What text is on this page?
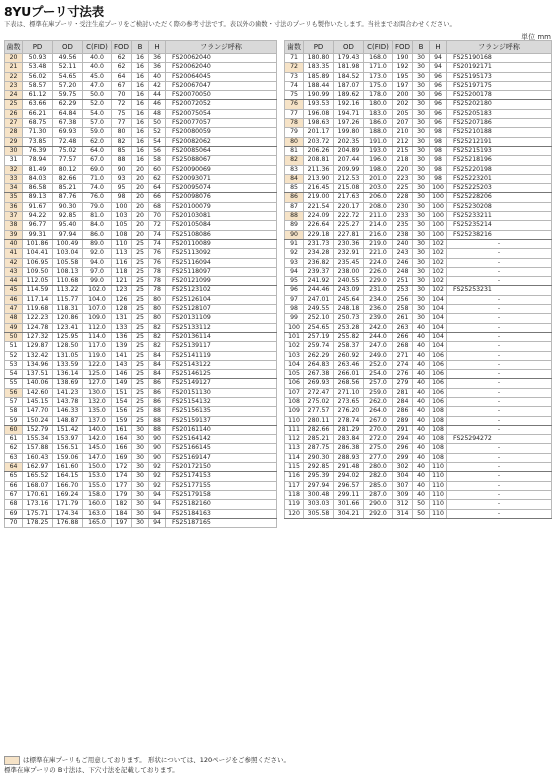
8YUプーリ寸法表
下表は、標準在庫プーリ・受注生産プーリをご検討いただく際の参考寸法です。表以外の歯数・寸法のプーリも製作いたします。当社までお問合わせください。
単位 mm
歯数	PD	OD	C(FID)	FOD	B	H	フランジ呼称
20	50.93	49.56	40.0	62	16	36	FS20062040
21	53.48	52.11	40.0	62	16	36	FS20062040
22	56.02	54.65	45.0	64	16	40	FS20064045
23	58.57	57.20	47.0	67	16	42	FS20067047
24	61.12	59.75	50.0	70	16	44	FS20070050
25	63.66	62.29	52.0	72	16	46	FS20072052
26	66.21	64.84	54.0	75	16	48	FS20075054
27	68.75	67.38	57.0	77	16	50	FS20077057
28	71.30	69.93	59.0	80	16	52	FS20080059
29	73.85	72.48	62.0	82	16	54	FS20082062
30	76.39	75.02	64.0	85	16	56	FS20085064
31	78.94	77.57	67.0	88	16	58	FS25088067
32	81.49	80.12	69.0	90	20	60	FS20090069
33	84.03	82.66	71.0	93	20	62	FS20093071
34	86.58	85.21	74.0	95	20	64	FS20095074
35	89.13	87.76	76.0	98	20	66	FS20098076
36	91.67	90.30	79.0	100	20	68	FS20100079
37	94.22	92.85	81.0	103	20	70	FS20103081
38	96.77	95.40	84.0	105	20	72	FS20105084
39	99.31	97.94	86.0	108	20	74	FS25108086
40	101.86	100.49	89.0	110	25	74	FS20110089
41	104.41	103.04	92.0	113	25	76	FS25113092
42	106.95	105.58	94.0	116	25	76	FS25116094
43	109.50	108.13	97.0	118	25	78	FS25118097
44	112.05	110.68	99.0	121	25	78	FS20121099
45	114.59	113.22	102.0	123	25	78	FS25123102
46	117.14	115.77	104.0	126	25	80	FS25126104
47	119.68	118.31	107.0	128	25	80	FS25128107
48	122.23	120.86	109.0	131	25	80	FS20131109
49	124.78	123.41	112.0	133	25	82	FS25133112
50	127.32	125.95	114.0	136	25	82	FS20136114
51	129.87	128.50	117.0	139	25	82	FS25139117
52	132.42	131.05	119.0	141	25	84	FS25141119
53	134.96	133.59	122.0	143	25	84	FS25143122
54	137.51	136.14	125.0	146	25	84	FS25146125
55	140.06	138.69	127.0	149	25	86	FS25149127
56	142.60	141.23	130.0	151	25	86	FS20151130
57	145.15	143.78	132.0	154	25	86	FS25154132
58	147.70	146.33	135.0	156	25	88	FS25156135
59	150.24	148.87	137.0	159	25	88	FS25159137
60	152.79	151.42	140.0	161	30	88	FS20161140
61	155.34	153.97	142.0	164	30	90	FS25164142
62	157.88	156.51	145.0	166	30	90	FS25166145
63	160.43	159.06	147.0	169	30	90	FS25169147
64	162.97	161.60	150.0	172	30	92	FS20172150
65	165.52	164.15	153.0	174	30	92	FS25174153
66	168.07	166.70	155.0	177	30	92	FS25177155
67	170.61	169.24	158.0	179	30	94	FS25179158
68	173.16	171.79	160.0	182	30	94	FS25182160
69	175.71	174.34	163.0	184	30	94	FS25184163
70	178.25	176.88	165.0	197	30	94	FS25187165
歯数	PD	OD	C(FID)	FOD	B	H	フランジ呼称
71	180.80	179.43	168.0	190	30	94	FS25190168
72	183.35	181.98	171.0	192	30	94	FS20192171
73	185.89	184.52	173.0	195	30	96	FS25195173
74	188.44	187.07	175.0	197	30	96	FS25197175
75	190.99	189.62	178.0	200	30	96	FS25200178
76	193.53	192.16	180.0	202	30	96	FS25202180
77	196.08	194.71	183.0	205	30	96	FS25205183
78	198.63	197.26	186.0	207	30	96	FS25207186
79	201.17	199.80	188.0	210	30	98	FS25210188
80	203.72	202.35	191.0	212	30	98	FS25212191
81	206.26	204.89	193.0	215	30	98	FS25215193
82	208.81	207.44	196.0	218	30	98	FS25218196
83	211.36	209.99	198.0	220	30	98	FS25220198
84	213.90	212.53	201.0	223	30	98	FS25223201
85	216.45	215.08	203.0	225	30	100	FS25225203
86	219.00	217.63	206.0	228	30	100	FS25228206
87	221.54	220.17	208.0	230	30	100	FS25230208
88	224.09	222.72	211.0	233	30	100	FS25233211
89	226.64	225.27	214.0	235	30	100	FS25235214
90	229.18	227.81	216.0	238	30	100	FS25238216
91	231.73	230.36	219.0	240	30	102	-
92	234.28	232.91	221.0	243	30	102	-
93	236.82	235.45	224.0	246	30	102	-
94	239.37	238.00	226.0	248	30	102	-
95	241.92	240.55	229.0	251	30	102	-
96	244.46	243.09	231.0	253	30	102	FS25253231
97	247.01	245.64	234.0	256	30	104	-
98	249.55	248.18	236.0	258	30	104	-
99	252.10	250.73	239.0	261	30	104	-
100	254.65	253.28	242.0	263	40	104	-
101	257.19	255.82	244.0	266	40	104	-
102	259.74	258.37	247.0	268	40	104	-
103	262.29	260.92	249.0	271	40	106	-
104	264.83	263.46	252.0	274	40	106	-
105	267.38	266.01	254.0	276	40	106	-
106	269.93	268.56	257.0	279	40	106	-
107	272.47	271.10	259.0	281	40	106	-
108	275.02	273.65	262.0	284	40	106	-
109	277.57	276.20	264.0	286	40	108	-
110	280.11	278.74	267.0	289	40	108	-
111	282.66	281.29	270.0	291	40	108	-
112	285.21	283.84	272.0	294	40	108	FS25294272
113	287.75	286.38	275.0	296	40	108	-
114	290.30	288.93	277.0	299	40	108	-
115	292.85	291.48	280.0	302	40	110	-
116	295.39	294.02	282.0	304	40	110	-
117	297.94	296.57	285.0	307	40	110	-
118	300.48	299.11	287.0	309	40	110	-
119	303.03	301.66	290.0	312	50	110	-
120	305.58	304.21	292.0	314	50	110	-
は標準在庫プーリもご用意しております。 形状については、120ページをご参照ください。
標準在庫プーリの B寸法は、下穴寸法を記載しております。
